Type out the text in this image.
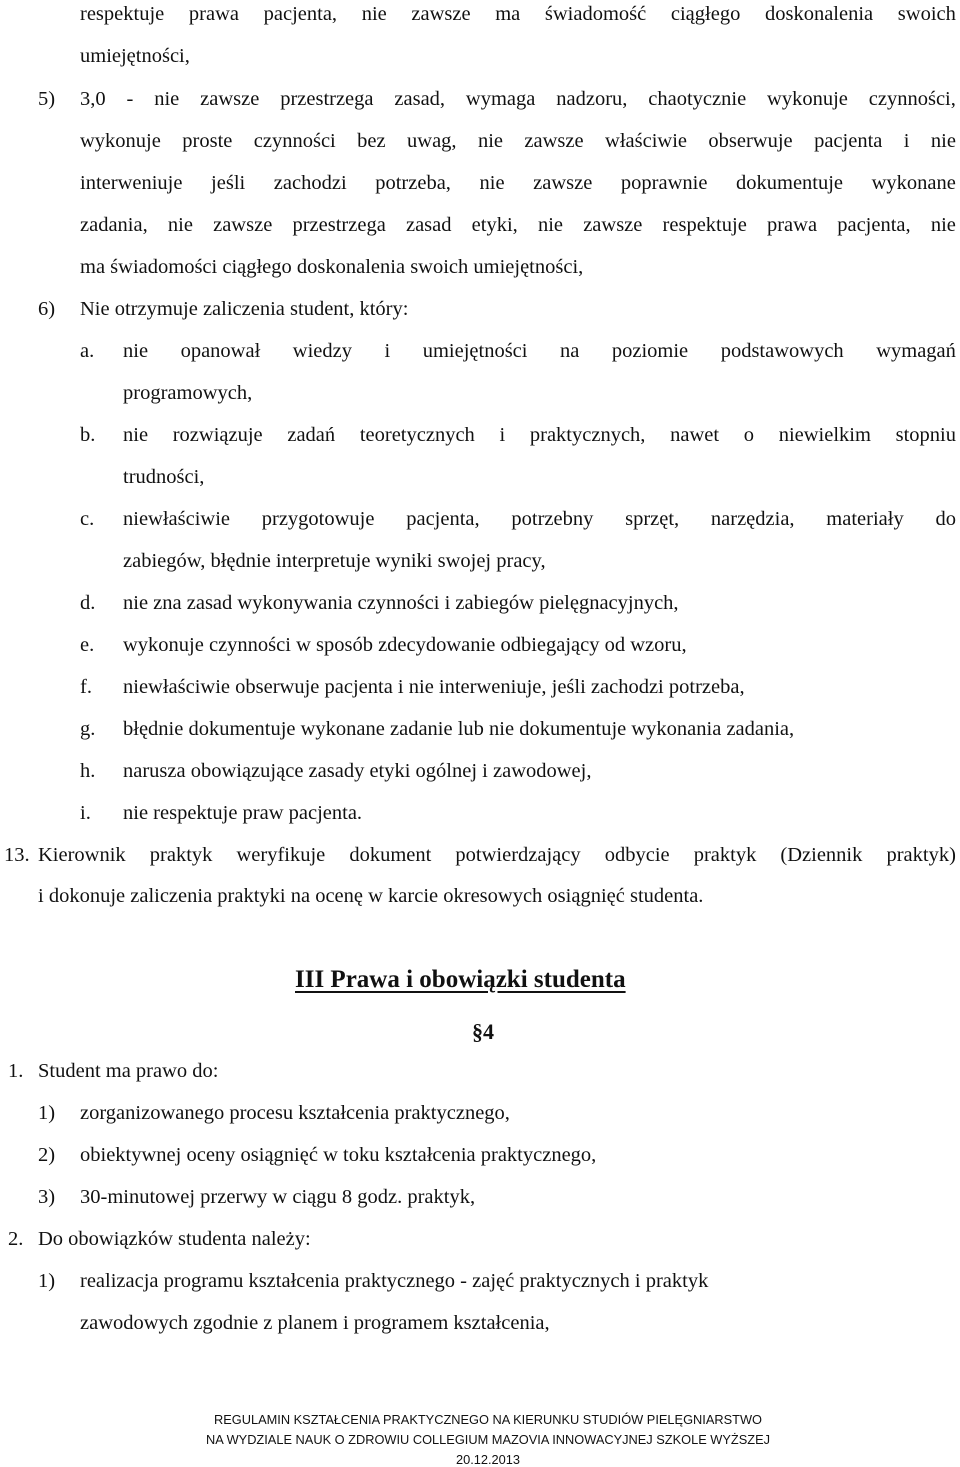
respektuje prawa pacjenta, nie zawsze ma świadomość ciągłego doskonalenia swoich
umiejętności,
5) 3,0 - nie zawsze przestrzega zasad, wymaga nadzoru, chaotycznie wykonuje czynności,
wykonuje proste czynności bez uwag, nie zawsze właściwie obserwuje pacjenta i nie
interweniuje jeśli zachodzi potrzeba, nie zawsze poprawnie dokumentuje wykonane
zadania, nie zawsze przestrzega zasad etyki, nie zawsze respektuje prawa pacjenta, nie
ma świadomości ciągłego doskonalenia swoich umiejętności,
6) Nie otrzymuje zaliczenia student, który:
a. nie opanował wiedzy i umiejętności na poziomie podstawowych wymagań
programowych,
b. nie rozwiązuje zadań teoretycznych i praktycznych, nawet o niewielkim stopniu
trudności,
c. niewłaściwie przygotowuje pacjenta, potrzebny sprzęt, narzędzia, materiały do
zabiegów, błędnie interpretuje wyniki swojej pracy,
d. nie zna zasad wykonywania czynności i zabiegów pielęgnacyjnych,
e. wykonuje czynności w sposób zdecydowanie odbiegający od wzoru,
f. niewłaściwie obserwuje pacjenta i nie interweniuje, jeśli zachodzi potrzeba,
g. błędnie dokumentuje wykonane zadanie lub nie dokumentuje wykonania zadania,
h. narusza obowiązujące zasady etyki ogólnej i zawodowej,
i. nie respektuje praw pacjenta.
13. Kierownik praktyk weryfikuje dokument potwierdzający odbycie praktyk (Dziennik praktyk)
i dokonuje zaliczenia praktyki na ocenę w karcie okresowych osiągnięć studenta.
III Prawa i obowiązki studenta
§4
1. Student ma prawo do:
1) zorganizowanego procesu kształcenia praktycznego,
2) obiektywnej oceny osiągnięć w toku kształcenia praktycznego,
3) 30-minutowej przerwy w ciągu 8 godz. praktyk,
2. Do obowiązków studenta należy:
1) realizacja programu kształcenia praktycznego - zajęć praktycznych i praktyk
zawodowych zgodnie z planem i programem kształcenia,
REGULAMIN KSZTAŁCENIA PRAKTYCZNEGO NA KIERUNKU STUDIÓW PIELĘGNIARSTWO
NA WYDZIALE NAUK O ZDROWIU COLLEGIUM MAZOVIA INNOWACYJNEJ SZKOLE WYŻSZEJ
20.12.2013
